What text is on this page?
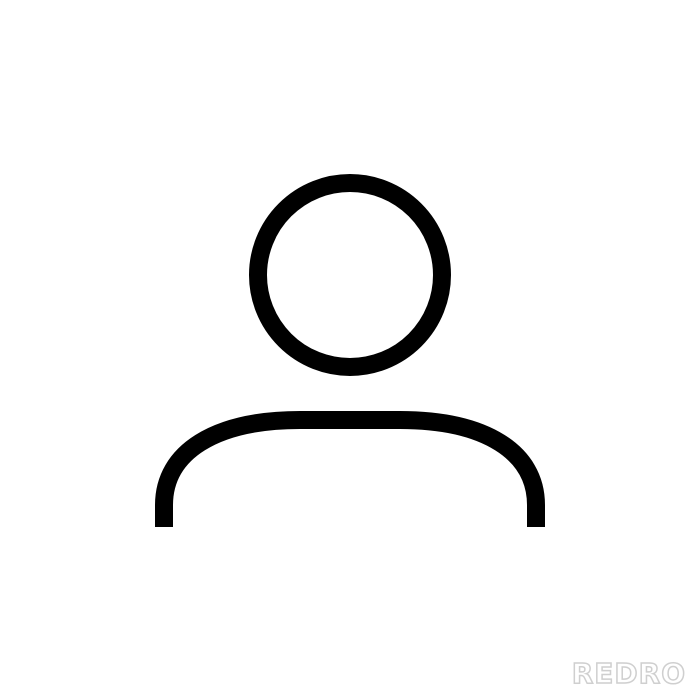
REDRO
